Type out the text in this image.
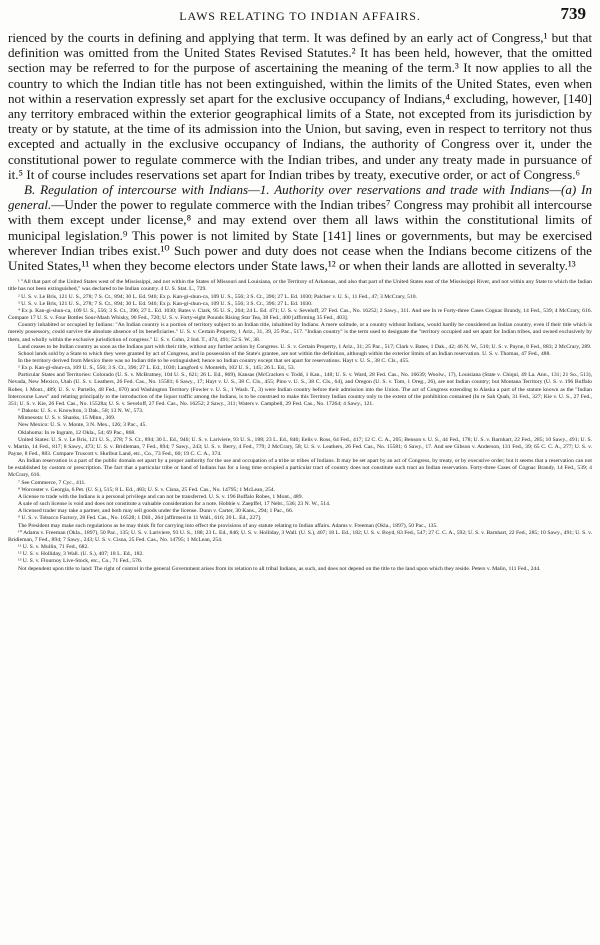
LAWS RELATING TO INDIAN AFFAIRS.	739

rienced by the courts in defining and applying that term. It was defined by an early act of Congress,¹ but that definition was omitted from the United States Revised Statutes.² It has been held, however, that the omitted section may be referred to for the purpose of ascertaining the meaning of the term.³ It now applies to all the country to which the Indian title has not been extinguished, within the limits of the United States, even when not within a reservation expressly set apart for the exclusive occupancy of Indians,⁴ excluding, however, [140] any territory embraced within the exterior geographical limits of a State, not excepted from its jurisdiction by treaty or by statute, at the time of its admission into the Union, but saving, even in respect to territory not thus excepted and actually in the exclusive occupancy of Indians, the authority of Congress over it, under the constitutional power to regulate commerce with the Indian tribes, and under any treaty made in pursuance of it.⁵ It of course includes reservations set apart for Indian tribes by treaty, executive order, or act of Congress.⁶

B. Regulation of intercourse with Indians—1. Authority over reservations and trade with Indians—(a) In general.—Under the power to regulate commerce with the Indian tribes⁷ Congress may prohibit all intercourse with them except under license,⁸ and may extend over them all laws within the constitutional limits of municipal legislation.⁹ This power is not limited by State [141] lines or governments, but may be exercised wherever Indian tribes exist.¹⁰ Such power and duty does not cease when the Indians become citizens of the United States,¹¹ when they become electors under State laws,¹² or when their lands are allotted in severalty.¹³

¹ "All that part of the United States west of the Mississippi, and not within the States of Missouri and Louisiana, or the Territory of Arkansas, and also that part of the United States east of the Mississippi River, and not within any State to which the Indian title has not been extinguished," was declared to be Indian country. 4 U. S. Stat. L., 729.

² U. S. v. Le Bris, 121 U. S., 278; 7 S. Ct., 894; 30 L. Ed. 946; Ex p. Kan-gi-shun-ca, 109 U. S., 556; 3 S. Ct., 396; 27 L. Ed. 1030; Palcher v. U. S., 11 Fed., 47; 3 McCrary, 510.

³ U. S. v. Le Bris, 121 U. S., 278; 7 S. Ct., 894; 30 L. Ed. 946; Ex p. Kan-gi-shun-ca, 109 U. S., 556; 3 S. Ct., 396; 27 L. Ed. 1030.

⁴ Ex p. Kan-gi-shun-ca, 109 U. S., 556; 3 S. Ct., 396; 27 L. Ed. 1030; Bates v. Clark, 95 U. S., 204; 24 L. Ed. 471; U. S. v. Seveloff, 27 Fed. Cas., No. 16252; 2 Sawy., 311. And see In re Forty-three Cases Cognac Brandy, 14 Fed., 539; 4 McCrary, 616. Compare 17 U. S. v. Four Bottles Sour-Mash Whisky, 90 Fed., 720; U. S. v. Forty-eight Pounds Rising Star Tea, 38 Fed., 400 [affirming 35 Fed., 403].

Country inhabited or occupied by Indians: "An Indian country is a portion of territory subject to an Indian title, inhabited by Indians. A mere solitude, or a country without Indians, would hardly be considered an Indian country, even if their title which is merely possessory, could survive the absolute absence of its beneficiaries." U. S. v. Certain Property, 1 Ariz., 31, 39, 25 Pac., 517. "Indian country" is the term used to designate the "territory occupied and set apart for Indian tribes, and owned exclusively by them, and wholly within the exclusive jurisdiction of congress." U. S. v. Cohn, 2 Ind. T., 474, 491; 52 S. W., 38.

Land ceases to be Indian country as soon as the Indians part with their title, without any further action by Congress. U. S. v. Certain Property, 1 Ariz., 31; 25 Pac., 517; Clark v. Bates, 1 Dak., 42; 46 N. W., 510; U. S. v. Payne, 8 Fed., 883; 2 McCrary, 289.

School lands sold by a State to which they were granted by act of Congress, and in possession of the State's grantee, are not within the definition, although within the exterior limits of an Indian reservation. U. S. v. Thomas, 47 Fed., 488.

In the territory derived from Mexico there was no Indian title to be extinguished; hence no Indian country except that set apart for reservations. Hayt v. U. S., 38 C. Cls., 455.

⁵ Ex p. Kan-gi-shun-ca, 109 U. S., 556; 3 S. Ct., 396; 27 L. Ed., 1030; Langford v. Monteith, 102 U. S., 145; 26 L. Ed., 53.

Particular States and Territories: Colorado (U. S. v. McBratney, 104 U. S., 621; 26 L. Ed., 869), Kansas (McCracken v. Todd, 1 Kan., 148; U. S. v. Ward, 28 Fed. Cas., No. 16639; Woolw., 17), Louisiana (State v. Chiqui, 49 La. Ann., 131; 21 So., 513), Nevada, New Mexico, Utah (U. S. v. Leathers, 26 Fed. Cas., No. 15581; 6 Sawy., 17; Hayt v. U. S., 38 C. Cls., 455; Pino v. U. S., 38 C. Cls., 64), and Oregon (U. S. v. Tom, 1 Oreg., 26), are not Indian country; but Montana Territory (U. S. v. 196 Buffalo Robes, 1 Mont., 489; U. S. v. Partello, 48 Fed., 670) and Washington Territory (Fowler v. U. S., 1 Wash. T., 3) were Indian country before their admission into the Union. The act of Congress extending to Alaska a part of the statute known as the "Indian Intercourse Laws" and relating principally to the introduction of the liquor traffic among the Indians, is to be construed to make this Territory Indian country only to the extent of the prohibition contained (In re Sah Quah, 31 Fed., 327; Kie v. U. S., 27 Fed., 351; U. S. v. Kie, 26 Fed. Cas., No. 15528a; U. S. v. Seveloff, 27 Fed. Cas., No. 16252; 2 Sawy., 311; Waters v. Campbell, 29 Fed. Cas., No. 17264; 4 Sawy., 121.

⁶ Dakota: U. S. v. Knowlton, 3 Dak., 58; 13 N. W., 573.

Minnesota: U. S. v. Shanks, 15 Minn., 369.

New Mexico: U. S. v. Monte, 3 N. Mex., 126; 3 Pac., 45.

Oklahoma: In re Ingram, 12 Okla., 54; 69 Pac., 868.

United States: U. S. v. Le Bris, 121 U. S., 278; 7 S. Ct., 894; 30 L. Ed., 946; U. S. v. Lariviere, 93 U. S., 188; 23 L. Ed., 846; Eells v. Ross, 64 Fed., 417; 12 C. C. A., 205; Benson v. U. S., 44 Fed., 178; U. S. v. Barnhart, 22 Fed., 285; 10 Sawy., 491; U. S. v. Martin, 14 Fed., 817; 8 Sawy., 473; U. S. v. Bridleman, 7 Fed., 894; 7 Sawy., 243; U. S. v. Berry, 4 Fed., 779; 2 McCrary, 58; U. S. v. Leathers, 26 Fed. Cas., No. 15581; 6 Sawy., 17. And see Gibson v. Anderson, 131 Fed., 39; 65 C. C. A., 277; U. S. v. Payne, 8 Fed., 883. Compare Truscott v. Hurlbut Land, etc., Co., 73 Fed., 60; 19 C. C. A., 374.

An Indian reservation is a part of the public domain set apart by a proper authority for the use and occupation of a tribe or tribes of Indians. It may be set apart by an act of Congress, by treaty, or by executive order; but it seems that a reservation can not be established by custom or prescription. The fact that a particular tribe or band of Indians has for a long time occupied a particular tract of country does not constitute such tract an Indian reservation. Forty-three Cases of Cognac Brandy, 14 Fed., 539; 4 McCrary, 616.

⁷ See Commerce, 7 Cyc., 411.

⁸ Worcester v. Georgia, 6 Pet. (U. S.), 515; 8 L. Ed., 483; U. S. v. Cisna, 25 Fed. Cas., No. 14795; 1 McLean, 254.

A license to trade with the Indians is a personal privilege and can not be transferred. U. S. v. 196 Buffalo Robes, 1 Mont., 489.

A sale of such license is void and does not constitute a valuable consideration for a note. Hobbie v. Zaepffel, 17 Nebr., 536; 23 N. W., 514.

A licensed trader may take a partner, and both may sell goods under the license. Dunn v. Carter, 30 Kans., 294; 1 Pac., 66.

⁹ U. S. v. Tobacco Factory, 28 Fed. Cas., No. 16528; 1 Dill., 264 [affirmed in 11 Wall., 616; 20 L. Ed., 227].

The President may make such regulations as he may think fit for carrying into effect the provisions of any statute relating to Indian affairs. Adams v. Freeman (Okla., 1897), 50 Pac., 135.

¹⁰ Adams v. Freeman (Okla., 1897), 50 Pac., 135; U. S. v. Lariviere, 93 U. S., 188; 23 L. Ed., 846; U. S. v. Holliday, 3 Wall. (U. S.), 407; 18 L. Ed., 182; U. S. v. Boyd, 83 Fed., 547; 27 C. C. A., 592; U. S. v. Barnhart, 22 Fed., 285; 10 Sawy., 491; U. S. v. Bridleman, 7 Fed., 894; 7 Sawy., 243; U. S. v. Cisna, 25 Fed. Cas., No. 14795; 1 McLean, 254.

¹¹ U. S. v. Mullin, 71 Fed., 682.

¹² U. S. v. Holliday, 3 Wall. (U. S.), 407; 18 L. Ed., 182.

¹³ U. S. v. Flournoy Live-Stock, etc., Co., 71 Fed., 576.

Not dependent upon title to land: The right of control in the general Government arises from its relation to all tribal Indians, as such, and does not depend on the title to the land upon which they reside. Peters v. Malin, 111 Fed., 244.
